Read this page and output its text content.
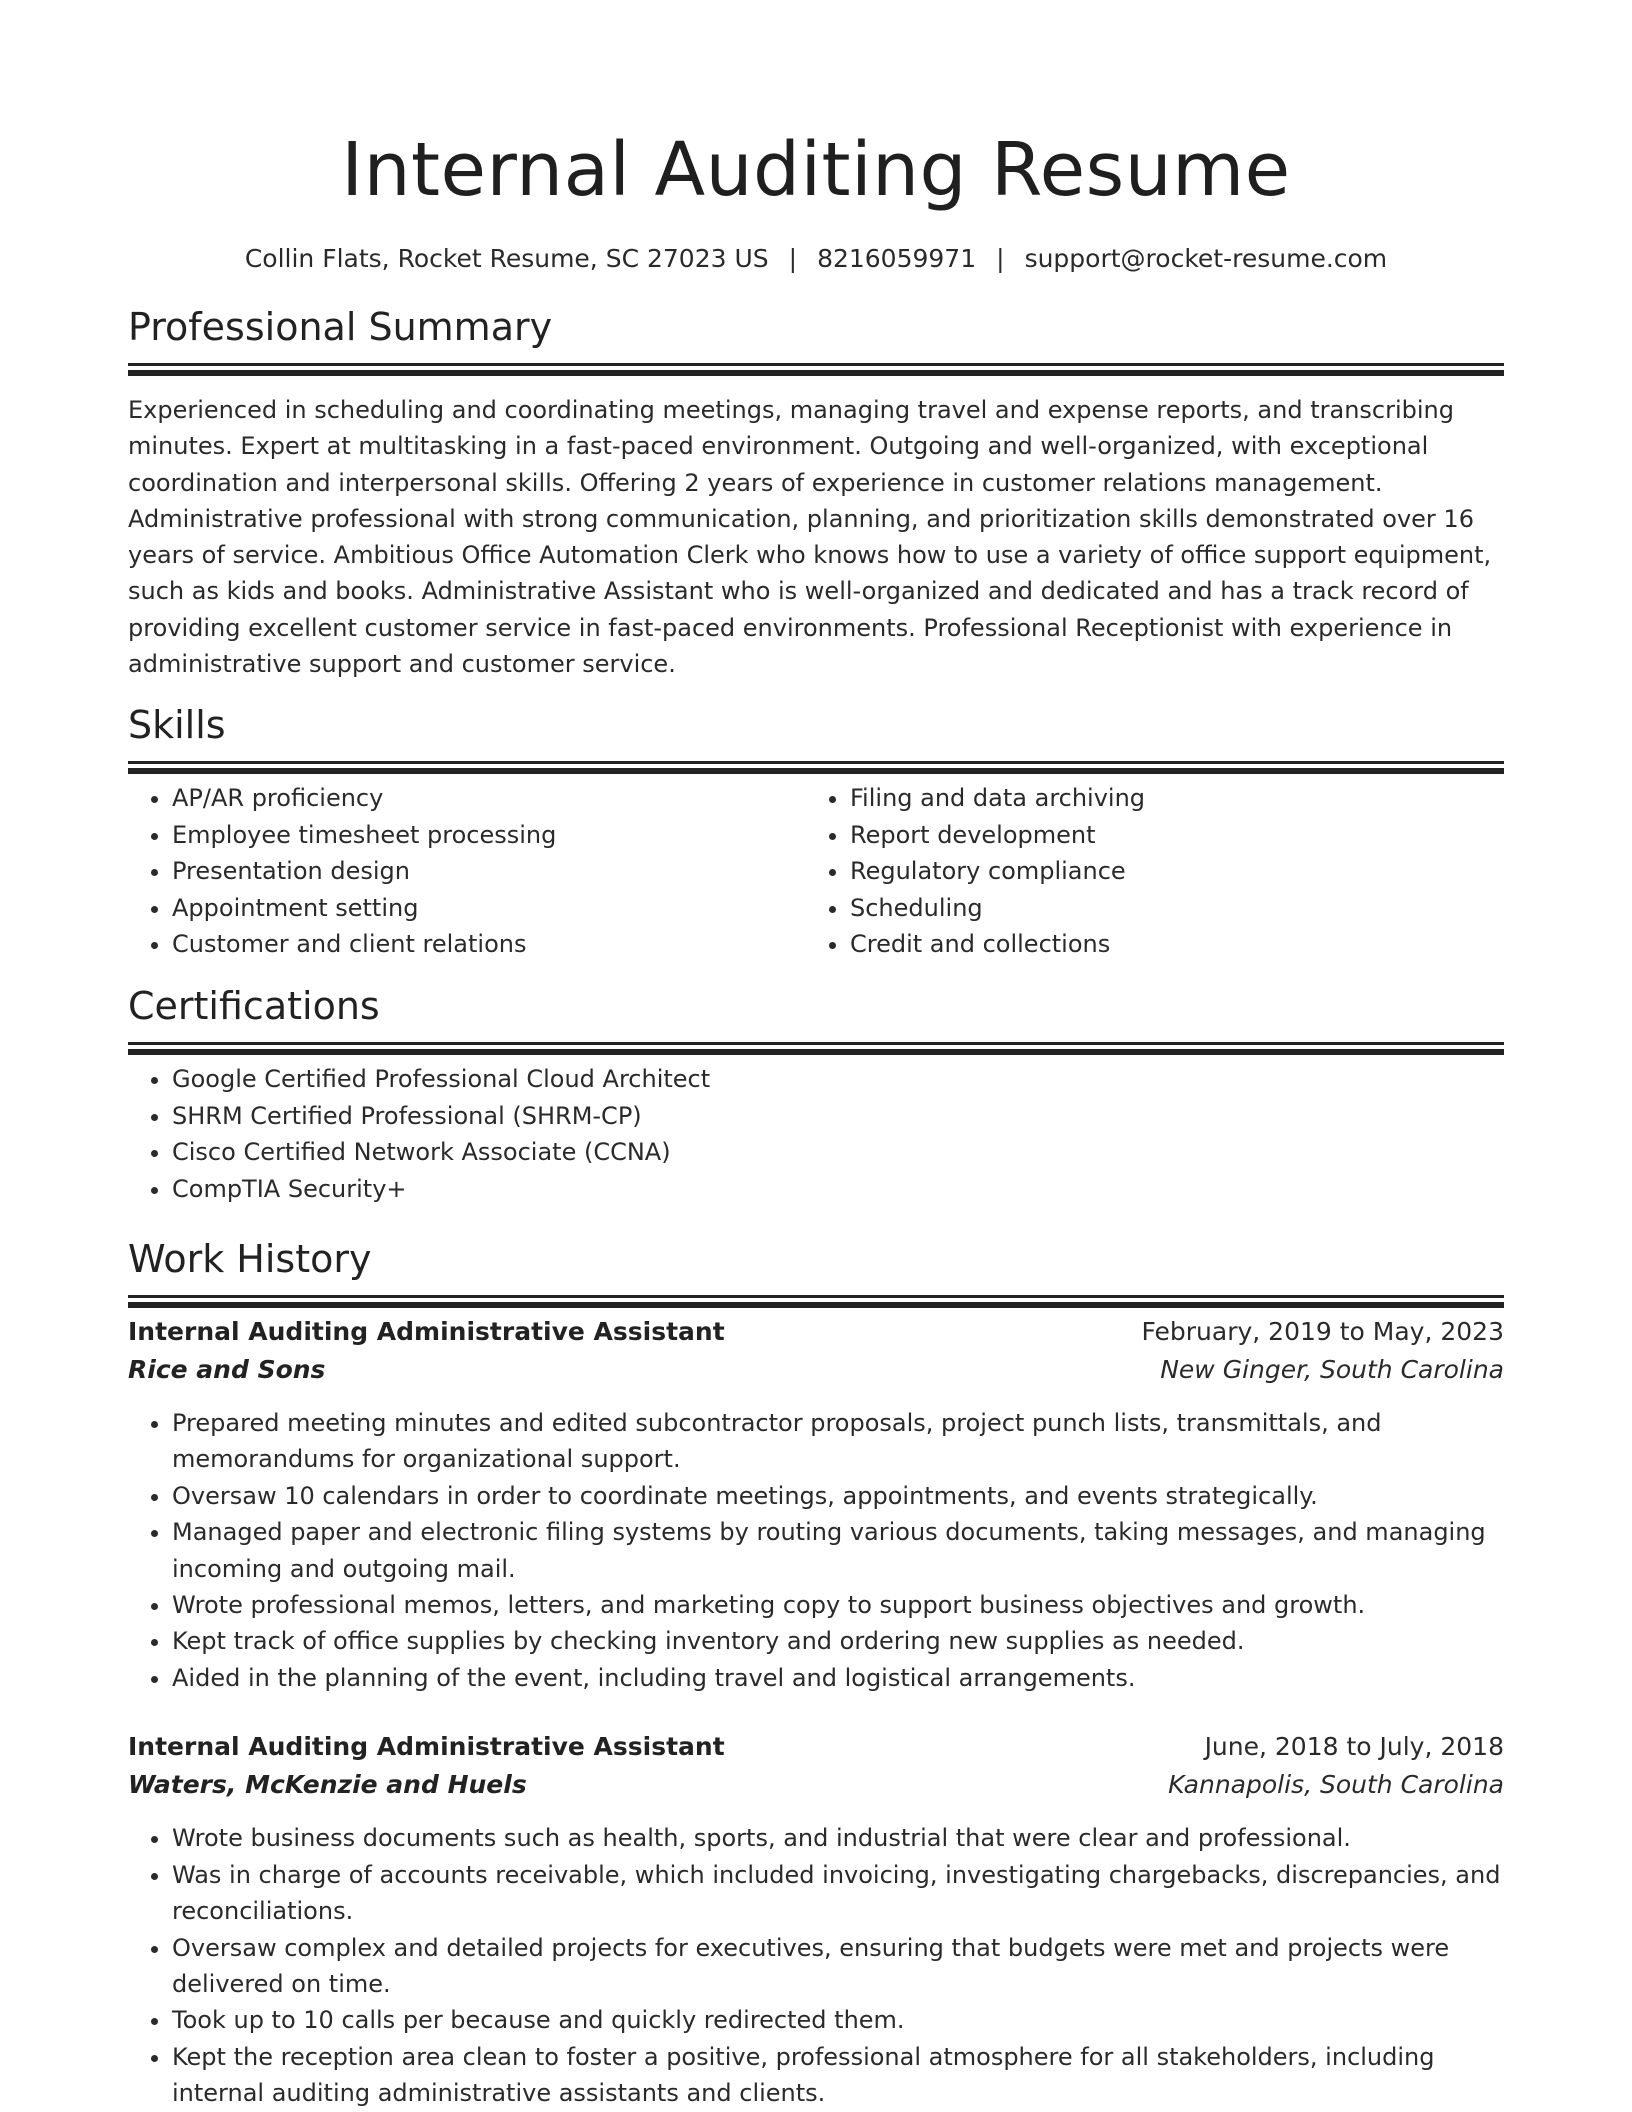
Internal Auditing Resume
Collin Flats, Rocket Resume, SC 27023 US | 8216059971 | support@rocket-resume.com
Professional Summary

Experienced in scheduling and coordinating meetings, managing travel and expense reports, and transcribing minutes. Expert at multitasking in a fast-paced environment. Outgoing and well-organized, with exceptional coordination and interpersonal skills. Offering 2 years of experience in customer relations management. Administrative professional with strong communication, planning, and prioritization skills demonstrated over 16 years of service. Ambitious Office Automation Clerk who knows how to use a variety of office support equipment, such as kids and books. Administrative Assistant who is well-organized and dedicated and has a track record of providing excellent customer service in fast-paced environments. Professional Receptionist with experience in administrative support and customer service.

Skills
• AP/AR proficiency
• Employee timesheet processing
• Presentation design
• Appointment setting
• Customer and client relations
• Filing and data archiving
• Report development
• Regulatory compliance
• Scheduling
• Credit and collections
Certifications
• Google Certified Professional Cloud Architect
• SHRM Certified Professional (SHRM-CP)
• Cisco Certified Network Associate (CCNA)
• CompTIA Security+
Work History
Internal Auditing Administrative Assistant	February, 2019 to May, 2023
Rice and Sons	New Ginger, South Carolina
• Prepared meeting minutes and edited subcontractor proposals, project punch lists, transmittals, and memorandums for organizational support.
• Oversaw 10 calendars in order to coordinate meetings, appointments, and events strategically.
• Managed paper and electronic filing systems by routing various documents, taking messages, and managing incoming and outgoing mail.
• Wrote professional memos, letters, and marketing copy to support business objectives and growth.
• Kept track of office supplies by checking inventory and ordering new supplies as needed.
• Aided in the planning of the event, including travel and logistical arrangements.
Internal Auditing Administrative Assistant	June, 2018 to July, 2018
Waters, McKenzie and Huels	Kannapolis, South Carolina
• Wrote business documents such as health, sports, and industrial that were clear and professional.
• Was in charge of accounts receivable, which included invoicing, investigating chargebacks, discrepancies, and reconciliations.
• Oversaw complex and detailed projects for executives, ensuring that budgets were met and projects were delivered on time.
• Took up to 10 calls per because and quickly redirected them.
• Kept the reception area clean to foster a positive, professional atmosphere for all stakeholders, including internal auditing administrative assistants and clients.
